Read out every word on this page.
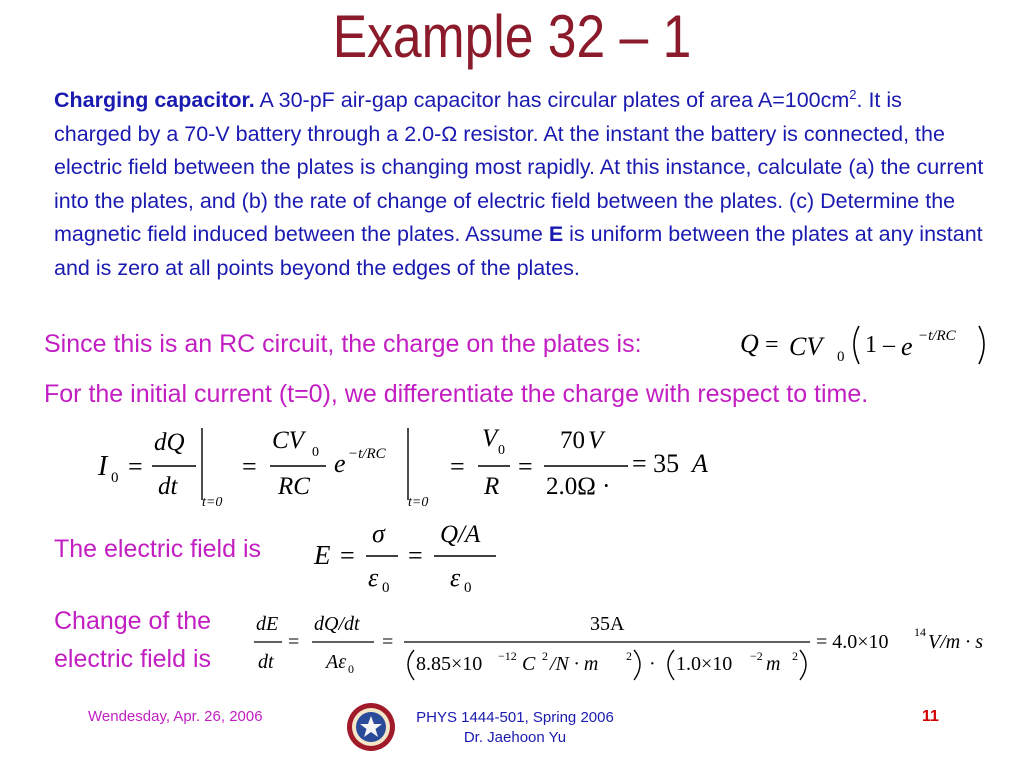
Example 32 – 1
Charging capacitor. A 30-pF air-gap capacitor has circular plates of area $A=100cm^2$. It is charged by a 70-V battery through a 2.0-Ω resistor. At the instant the battery is connected, the electric field between the plates is changing most rapidly. At this instance, calculate (a) the current into the plates, and (b) the rate of change of electric field between the plates. (c) Determine the magnetic field induced between the plates. Assume E is uniform between the plates at any instant and is zero at all points beyond the edges of the plates.
Since this is an RC circuit, the charge on the plates is:	Q = CV 0 1 – e −t/RC
For the initial current (t=0), we differentiate the charge with respect to time.
I 0 =
dQ
dt
t=0
=
CV 0
RC
e −t/RC
t=0
=
V 0
R
=
70 V
2.0Ω ·
= 35 A
The electric field is E =
σ
ε 0
=
Q/A
ε 0
Change of the
electric field is
dE
dt
=
dQ/dt
Aε 0
=
35A
8.85×10 −12 C 2 /N · m 2 · 1.0×10 −2 m 2
= 4.0×10 14 V/m · s
Wendesday, Apr. 26, 2006	PHYS 1444-501, Spring 2006
Dr. Jaehoon Yu
11
